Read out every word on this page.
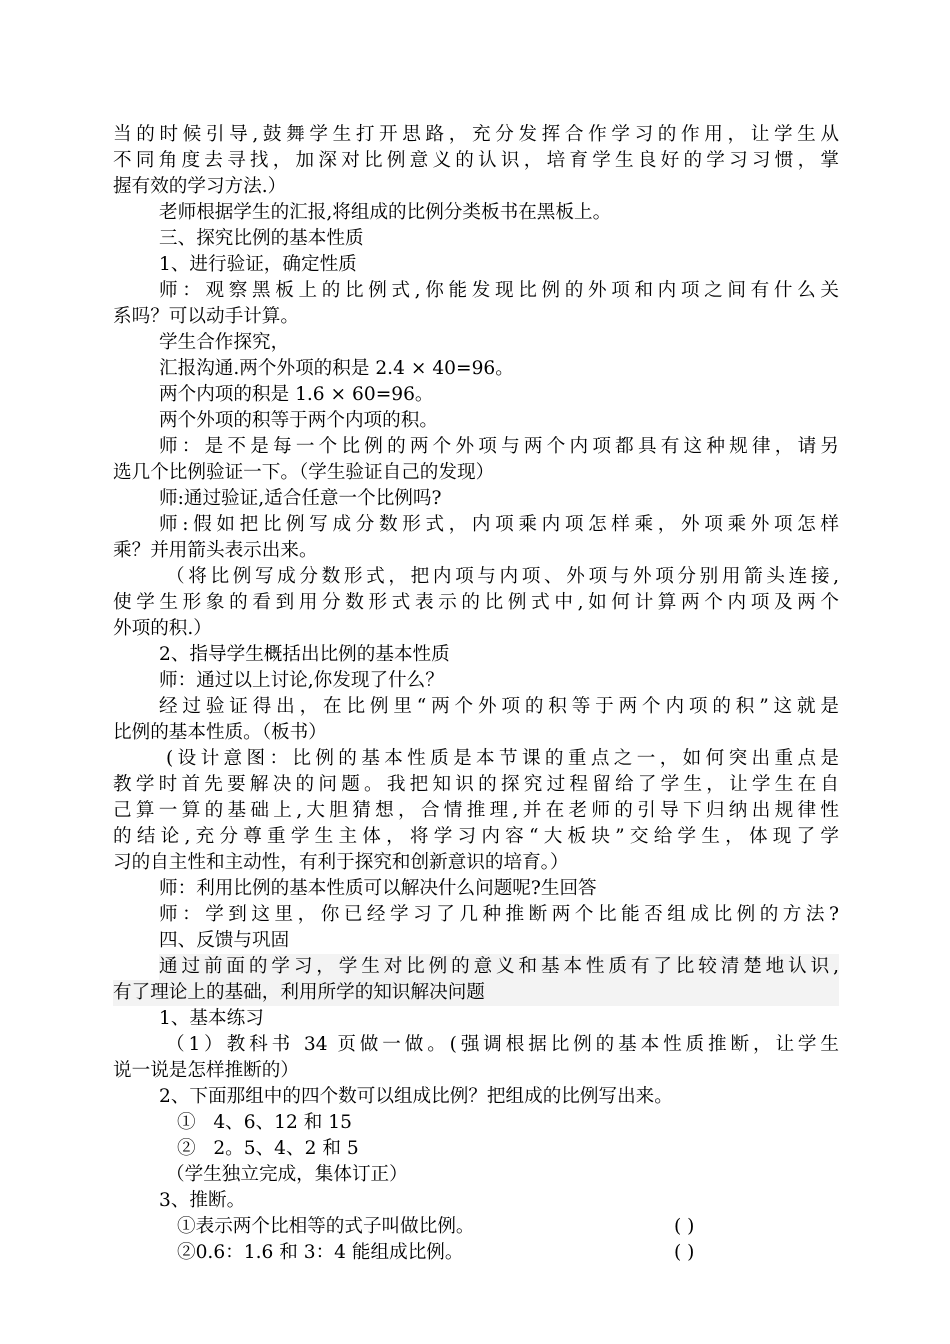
当的时候引导,鼓舞学生打开思路，充分发挥合作学习的作用，让学生从
不同角度去寻找，加深对比例意义的认识，培育学生良好的学习习惯，掌
握有效的学习方法.）
老师根据学生的汇报,将组成的比例分类板书在黑板上。
三、探究比例的基本性质
1、进行验证，确定性质
师：观察黑板上的比例式,你能发现比例的外项和内项之间有什么关
系吗？可以动手计算。
学生合作探究，
汇报沟通.两个外项的积是 2.4 × 40=96。
两个内项的积是 1.6 × 60=96。
两个外项的积等于两个内项的积。
师：是不是每一个比例的两个外项与两个内项都具有这种规律，请另
选几个比例验证一下。（学生验证自己的发现）
师:通过验证,适合任意一个比例吗?
师:假如把比例写成分数形式，内项乘内项怎样乘，外项乘外项怎样
乘？并用箭头表示出来。
（将比例写成分数形式，把内项与内项、外项与外项分别用箭头连接,
使学生形象的看到用分数形式表示的比例式中,如何计算两个内项及两个
外项的积.）
2、指导学生概括出比例的基本性质
师：通过以上讨论,你发现了什么？
经过验证得出，在比例里“两个外项的积等于两个内项的积”这就是
比例的基本性质。（板书）
(设计意图：比例的基本性质是本节课的重点之一，如何突出重点是
教学时首先要解决的问题。我把知识的探究过程留给了学生，让学生在自
己算一算的基础上,大胆猜想，合情推理,并在老师的引导下归纳出规律性
的结论,充分尊重学生主体，将学习内容“大板块”交给学生，体现了学
习的自主性和主动性，有利于探究和创新意识的培育。）
师：利用比例的基本性质可以解决什么问题呢?生回答
师：学到这里，你已经学习了几种推断两个比能否组成比例的方法?
四、反馈与巩固
通过前面的学习，学生对比例的意义和基本性质有了比较清楚地认识,
有了理论上的基础，利用所学的知识解决问题
1、基本练习
（1）教科书 34 页做一做。(强调根据比例的基本性质推断，让学生
说一说是怎样推断的）
2、下面那组中的四个数可以组成比例？把组成的比例写出来。
①   4、6、12 和 15
②   2。5、4、2 和 5
（学生独立完成，集体订正）
3、推断。
①表示两个比相等的式子叫做比例。	( )
②0.6：1.6 和 3：4 能组成比例。	( )
